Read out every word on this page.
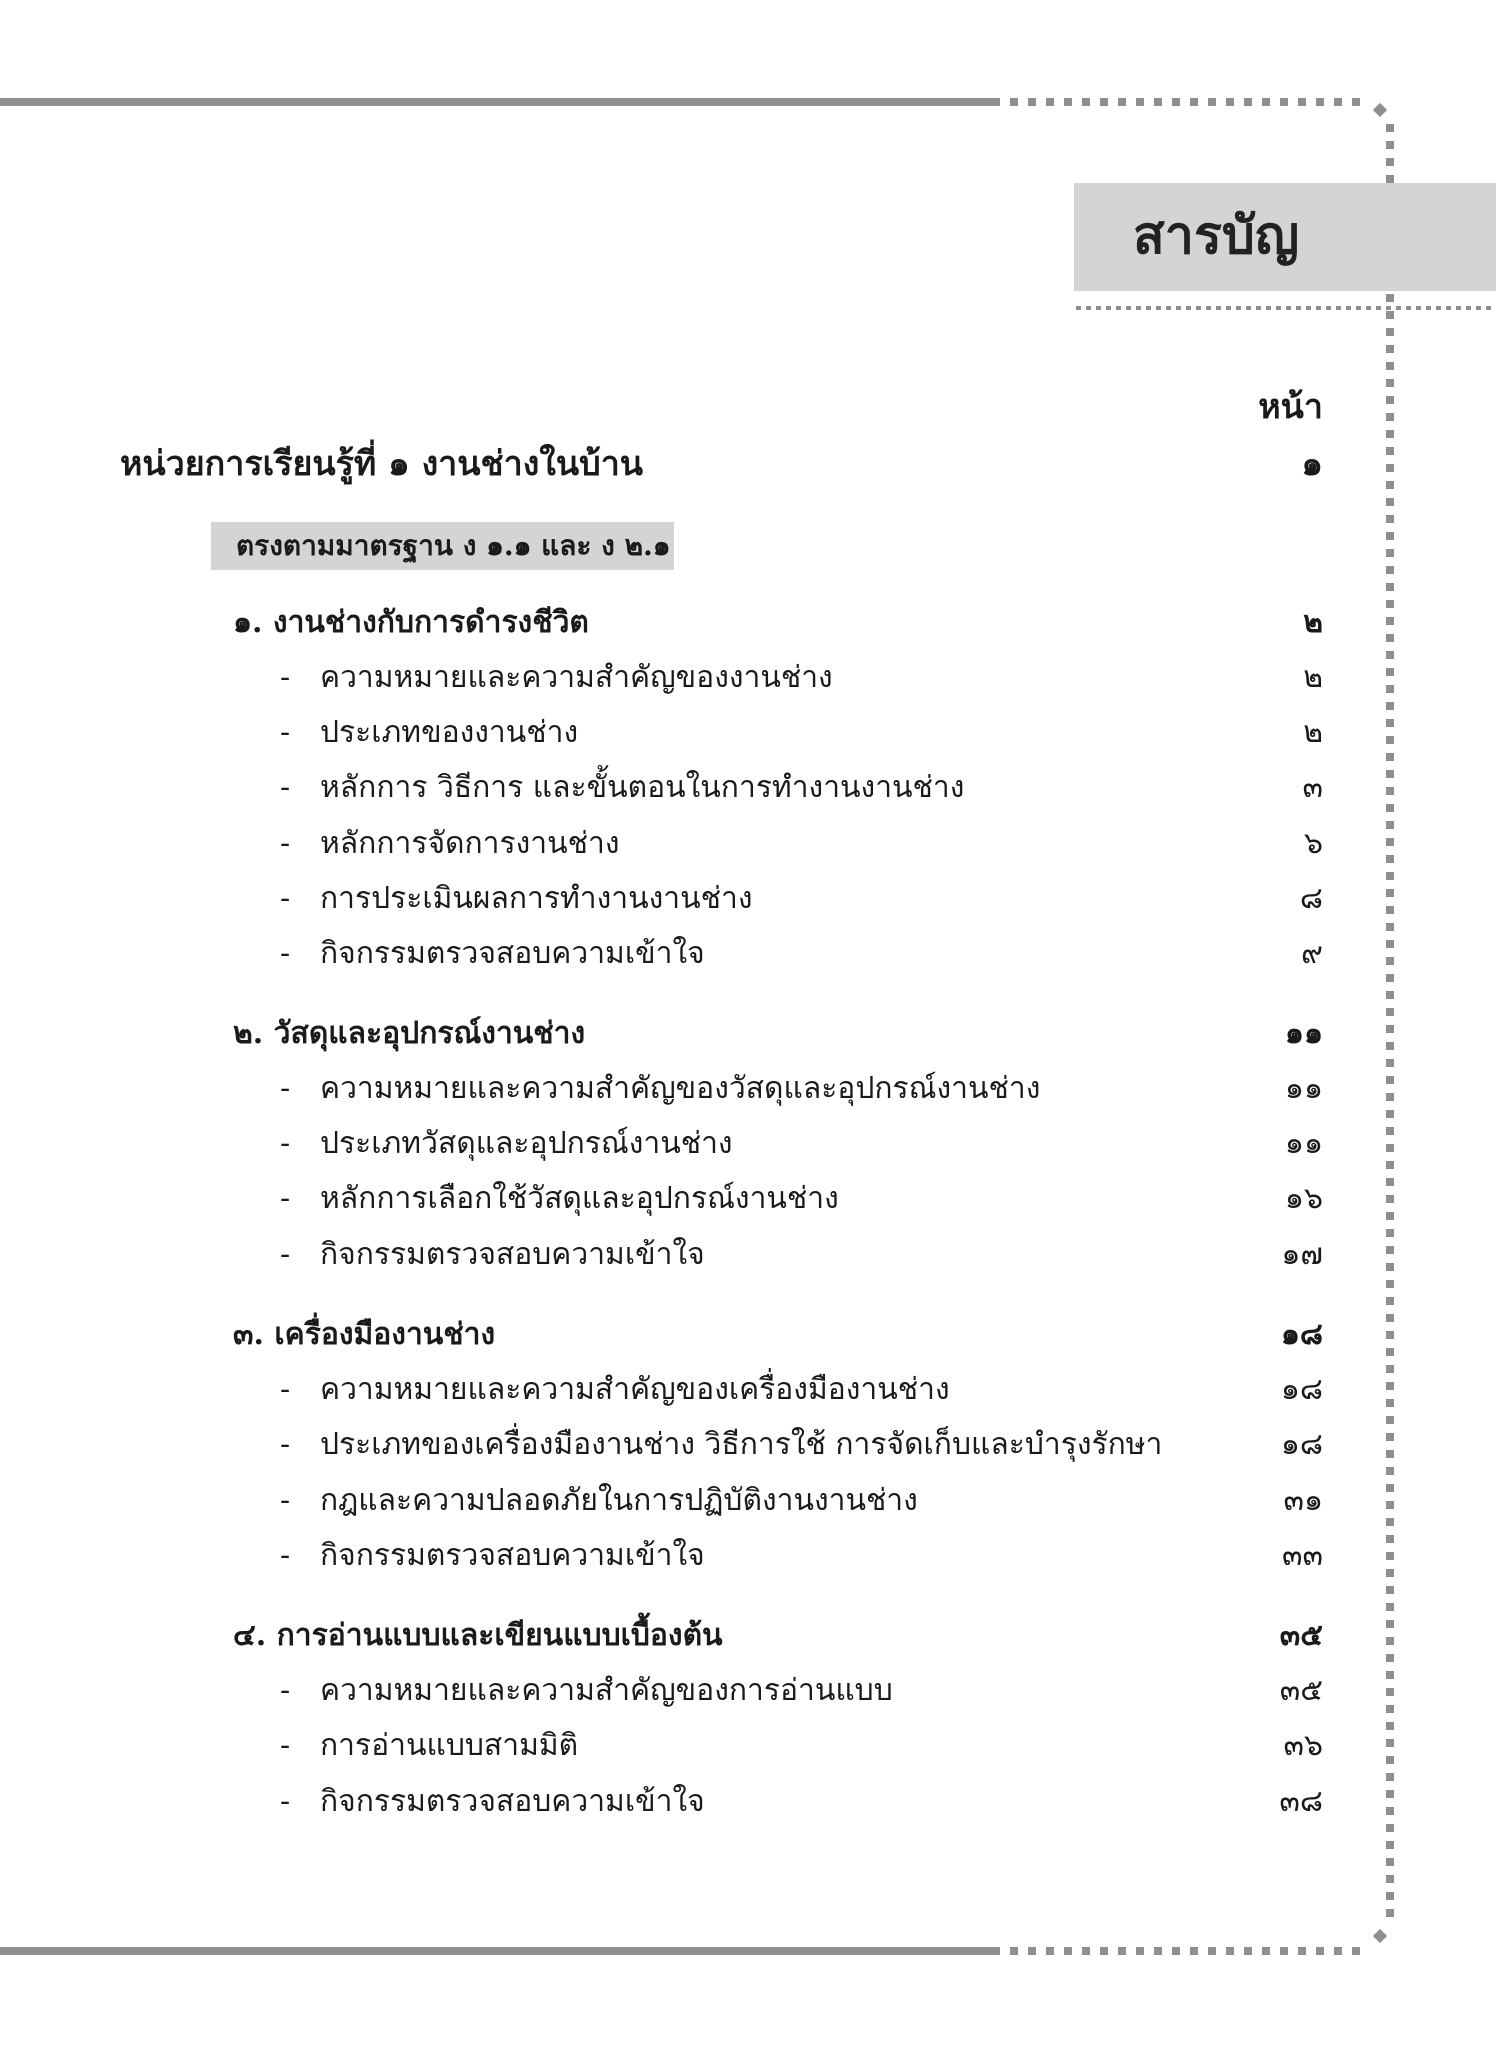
สารบัญ
หน้า
หน่วยการเรียนรู้ที่ ๑ งานช่างในบ้าน	๑
ตรงตามมาตรฐาน ง ๑.๑ และ ง ๒.๑
๑. งานช่างกับการดำรงชีวิต	๒
- ความหมายและความสำคัญของงานช่าง	๒
- ประเภทของงานช่าง	๒
- หลักการ วิธีการ และขั้นตอนในการทำงานงานช่าง	๓
- หลักการจัดการงานช่าง	๖
- การประเมินผลการทำงานงานช่าง	๘
- กิจกรรมตรวจสอบความเข้าใจ	๙
๒. วัสดุและอุปกรณ์งานช่าง	๑๑
- ความหมายและความสำคัญของวัสดุและอุปกรณ์งานช่าง	๑๑
- ประเภทวัสดุและอุปกรณ์งานช่าง	๑๑
- หลักการเลือกใช้วัสดุและอุปกรณ์งานช่าง	๑๖
- กิจกรรมตรวจสอบความเข้าใจ	๑๗
๓. เครื่องมืองานช่าง	๑๘
- ความหมายและความสำคัญของเครื่องมืองานช่าง	๑๘
- ประเภทของเครื่องมืองานช่าง วิธีการใช้ การจัดเก็บและบำรุงรักษา	๑๘
- กฎและความปลอดภัยในการปฏิบัติงานงานช่าง	๓๑
- กิจกรรมตรวจสอบความเข้าใจ	๓๓
๔. การอ่านแบบและเขียนแบบเบื้องต้น	๓๕
- ความหมายและความสำคัญของการอ่านแบบ	๓๕
- การอ่านแบบสามมิติ	๓๖
- กิจกรรมตรวจสอบความเข้าใจ	๓๘
